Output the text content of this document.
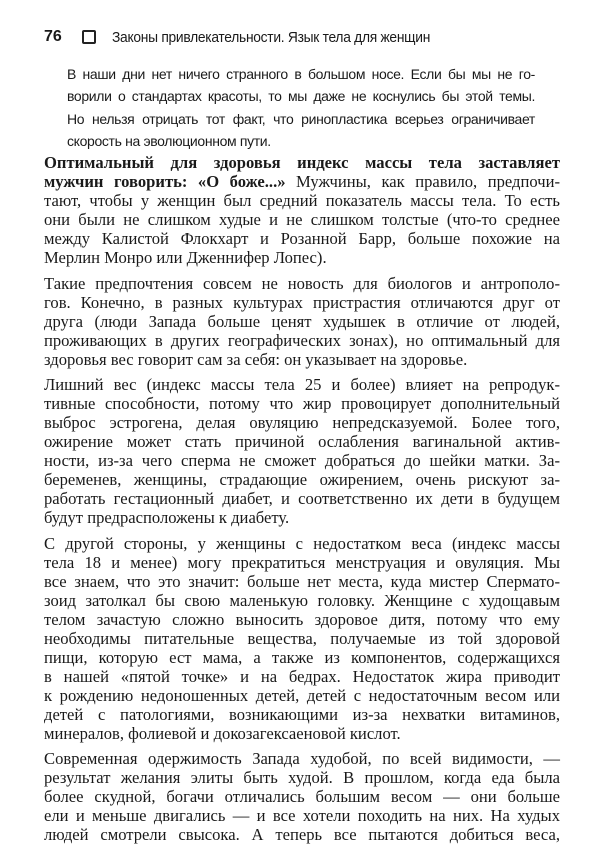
76	Законы привлекательности. Язык тела для женщин
В наши дни нет ничего странного в большом носе. Если бы мы не го-
ворили о стандартах красоты, то мы даже не коснулись бы этой темы.
Но нельзя отрицать тот факт, что ринопластика всерьез ограничивает
скорость на эволюционном пути.
Оптимальный для здоровья индекс массы тела заставляет
мужчин говорить: «О боже...» Мужчины, как правило, предпочи-
тают, чтобы у женщин был средний показатель массы тела. То есть
они были не слишком худые и не слишком толстые (что-то среднее
между Калистой Флокхарт и Розанной Барр, больше похожие на
Мерлин Монро или Дженнифер Лопес).
Такие предпочтения совсем не новость для биологов и антрополо-
гов. Конечно, в разных культурах пристрастия отличаются друг от
друга (люди Запада больше ценят худышек в отличие от людей,
проживающих в других географических зонах), но оптимальный для
здоровья вес говорит сам за себя: он указывает на здоровье.
Лишний вес (индекс массы тела 25 и более) влияет на репродук-
тивные способности, потому что жир провоцирует дополнительный
выброс эстрогена, делая овуляцию непредсказуемой. Более того,
ожирение может стать причиной ослабления вагинальной актив-
ности, из-за чего сперма не сможет добраться до шейки матки. За-
беременев, женщины, страдающие ожирением, очень рискуют за-
работать гестационный диабет, и соответственно их дети в будущем
будут предрасположены к диабету.
С другой стороны, у женщины с недостатком веса (индекс массы
тела 18 и менее) могу прекратиться менструация и овуляция. Мы
все знаем, что это значит: больше нет места, куда мистер Спермато-
зоид затолкал бы свою маленькую головку. Женщине с худощавым
телом зачастую сложно выносить здоровое дитя, потому что ему
необходимы питательные вещества, получаемые из той здоровой
пищи, которую ест мама, а также из компонентов, содержащихся
в нашей «пятой точке» и на бедрах. Недостаток жира приводит
к рождению недоношенных детей, детей с недостаточным весом или
детей с патологиями, возникающими из-за нехватки витаминов,
минералов, фолиевой и докозагексаеновой кислот.
Современная одержимость Запада худобой, по всей видимости, —
результат желания элиты быть худой. В прошлом, когда еда была
более скудной, богачи отличались большим весом — они больше
ели и меньше двигались — и все хотели походить на них. На худых
людей смотрели свысока. А теперь все пытаются добиться веса,
